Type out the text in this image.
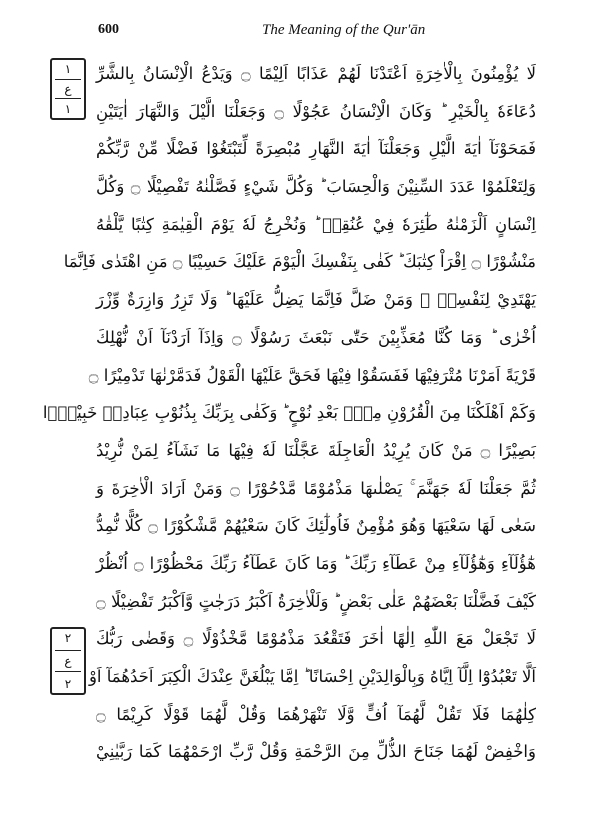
600	The Meaning of the Qur'ān
١
ع
١
٢
ع
٢
لَا يُؤْمِنُونَ بِالْاٰخِرَةِ اَعْتَدْنَا لَهُمْ عَذَابًا اَلِيْمًا ۝ وَيَدْعُ الْاِنْسَانُ بِالشَّرِّ
دُعَاءَهٗ بِالْخَيْرِ ؕ وَكَانَ الْاِنْسَانُ عَجُوْلًا ۝ وَجَعَلْنَا الَّيْلَ وَالنَّهَارَ اٰيَتَيْنِ
فَمَحَوْنَآ اٰيَةَ الَّيْلِ وَجَعَلْنَآ اٰيَةَ النَّهَارِ مُبْصِرَةً لِّتَبْتَغُوْا فَضْلًا مِّنْ رَّبِّكُمْ
وَلِتَعْلَمُوْا عَدَدَ السِّنِيْنَ وَالْحِسَابَ ؕ وَكُلَّ شَيْءٍ فَصَّلْنٰهُ تَفْصِيْلًا ۝ وَكُلَّ
اِنْسَانٍ اَلْزَمْنٰهُ طٰٓئِرَهٗ فِيْ عُنُقِهٖ ؕ وَنُخْرِجُ لَهٗ يَوْمَ الْقِيٰمَةِ كِتٰبًا يَّلْقٰهُ
مَنْشُوْرًا ۝ اِقْرَاْ كِتٰبَكَ ؕ كَفٰى بِنَفْسِكَ الْيَوْمَ عَلَيْكَ حَسِيْبًا ۝ مَنِ اهْتَدٰى فَاِنَّمَا
يَهْتَدِيْ لِنَفْسِهٖ ۚ وَمَنْ ضَلَّ فَاِنَّمَا يَضِلُّ عَلَيْهَا ؕ وَلَا تَزِرُ وَازِرَةٌ وِّزْرَ
اُخْرٰى ؕ وَمَا كُنَّا مُعَذِّبِيْنَ حَتّٰى نَبْعَثَ رَسُوْلًا ۝ وَاِذَآ اَرَدْنَآ اَنْ نُّهْلِكَ
قَرْيَةً اَمَرْنَا مُتْرَفِيْهَا فَفَسَقُوْا فِيْهَا فَحَقَّ عَلَيْهَا الْقَوْلُ فَدَمَّرْنٰهَا تَدْمِيْرًا ۝
وَكَمْ اَهْلَكْنَا مِنَ الْقُرُوْنِ مِنْۢ بَعْدِ نُوْحٍ ؕ وَكَفٰى بِرَبِّكَ بِذُنُوْبِ عِبَادِهٖ خَبِيْرًۢا
بَصِيْرًا ۝ مَنْ كَانَ يُرِيْدُ الْعَاجِلَةَ عَجَّلْنَا لَهٗ فِيْهَا مَا نَشَآءُ لِمَنْ نُّرِيْدُ
ثُمَّ جَعَلْنَا لَهٗ جَهَنَّمَ ۚ يَصْلٰىهَا مَذْمُوْمًا مَّدْحُوْرًا ۝ وَمَنْ اَرَادَ الْاٰخِرَةَ وَ
سَعٰى لَهَا سَعْيَهَا وَهُوَ مُؤْمِنٌ فَاُولٰٓئِكَ كَانَ سَعْيُهُمْ مَّشْكُوْرًا ۝ كُلًّا نُّمِدُّ
هٰٓؤُلَآءِ وَهٰٓؤُلَآءِ مِنْ عَطَآءِ رَبِّكَ ؕ وَمَا كَانَ عَطَآءُ رَبِّكَ مَحْظُوْرًا ۝ اُنْظُرْ
كَيْفَ فَضَّلْنَا بَعْضَهُمْ عَلٰى بَعْضٍ ؕ وَلَلْاٰخِرَةُ اَكْبَرُ دَرَجٰتٍ وَّاَكْبَرُ تَفْضِيْلًا ۝
لَا تَجْعَلْ مَعَ اللّٰهِ اِلٰهًا اٰخَرَ فَتَقْعُدَ مَذْمُوْمًا مَّخْذُوْلًا ۝ وَقَضٰى رَبُّكَ
اَلَّا تَعْبُدُوْٓا اِلَّآ اِيَّاهُ وَبِالْوَالِدَيْنِ اِحْسَانًا ؕ اِمَّا يَبْلُغَنَّ عِنْدَكَ الْكِبَرَ اَحَدُهُمَآ اَوْ
كِلٰهُمَا فَلَا تَقُلْ لَّهُمَآ اُفٍّ وَّلَا تَنْهَرْهُمَا وَقُلْ لَّهُمَا قَوْلًا كَرِيْمًا ۝
وَاخْفِضْ لَهُمَا جَنَاحَ الذُّلِّ مِنَ الرَّحْمَةِ وَقُلْ رَّبِّ ارْحَمْهُمَا كَمَا رَبَّيٰنِيْ
